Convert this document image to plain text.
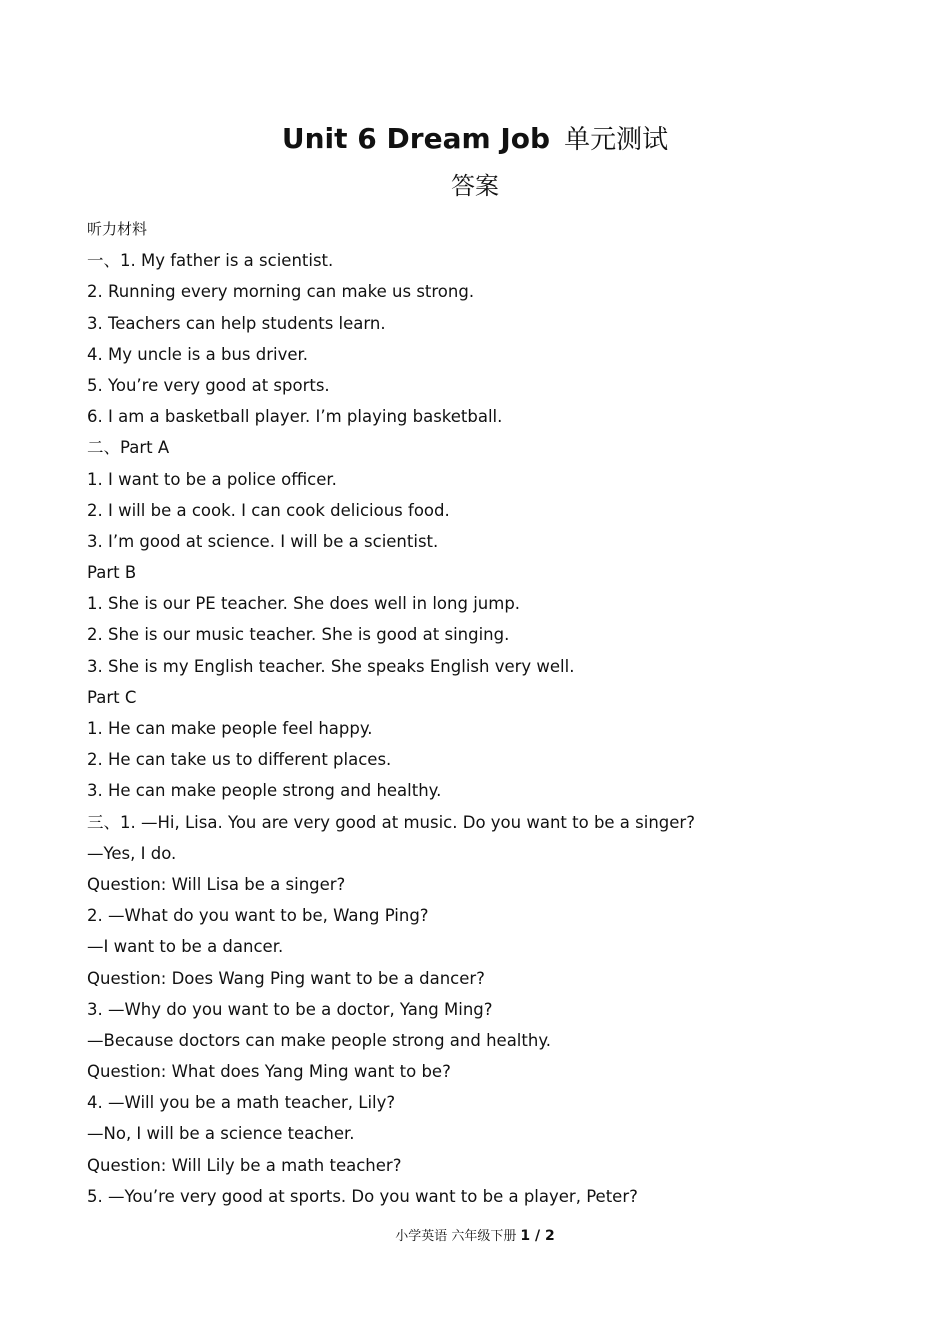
Unit 6 Dream Job 单元测试
答案
听力材料
一、1. My father is a scientist.
2. Running every morning can make us strong.
3. Teachers can help students learn.
4. My uncle is a bus driver.
5. You’re very good at sports.
6. I am a basketball player. I’m playing basketball.
二、Part A
1. I want to be a police officer.
2. I will be a cook. I can cook delicious food.
3. I’m good at science. I will be a scientist.
Part B
1. She is our PE teacher. She does well in long jump.
2. She is our music teacher. She is good at singing.
3. She is my English teacher. She speaks English very well.
Part C
1. He can make people feel happy.
2. He can take us to different places.
3. He can make people strong and healthy.
三、1. —Hi, Lisa. You are very good at music. Do you want to be a singer?
—Yes, I do.
Question: Will Lisa be a singer?
2. —What do you want to be, Wang Ping?
—I want to be a dancer.
Question: Does Wang Ping want to be a dancer?
3. —Why do you want to be a doctor, Yang Ming?
—Because doctors can make people strong and healthy.
Question: What does Yang Ming want to be?
4. —Will you be a math teacher, Lily?
—No, I will be a science teacher.
Question: Will Lily be a math teacher?
5. —You’re very good at sports. Do you want to be a player, Peter?
小学英语 六年级下册 1 / 2
